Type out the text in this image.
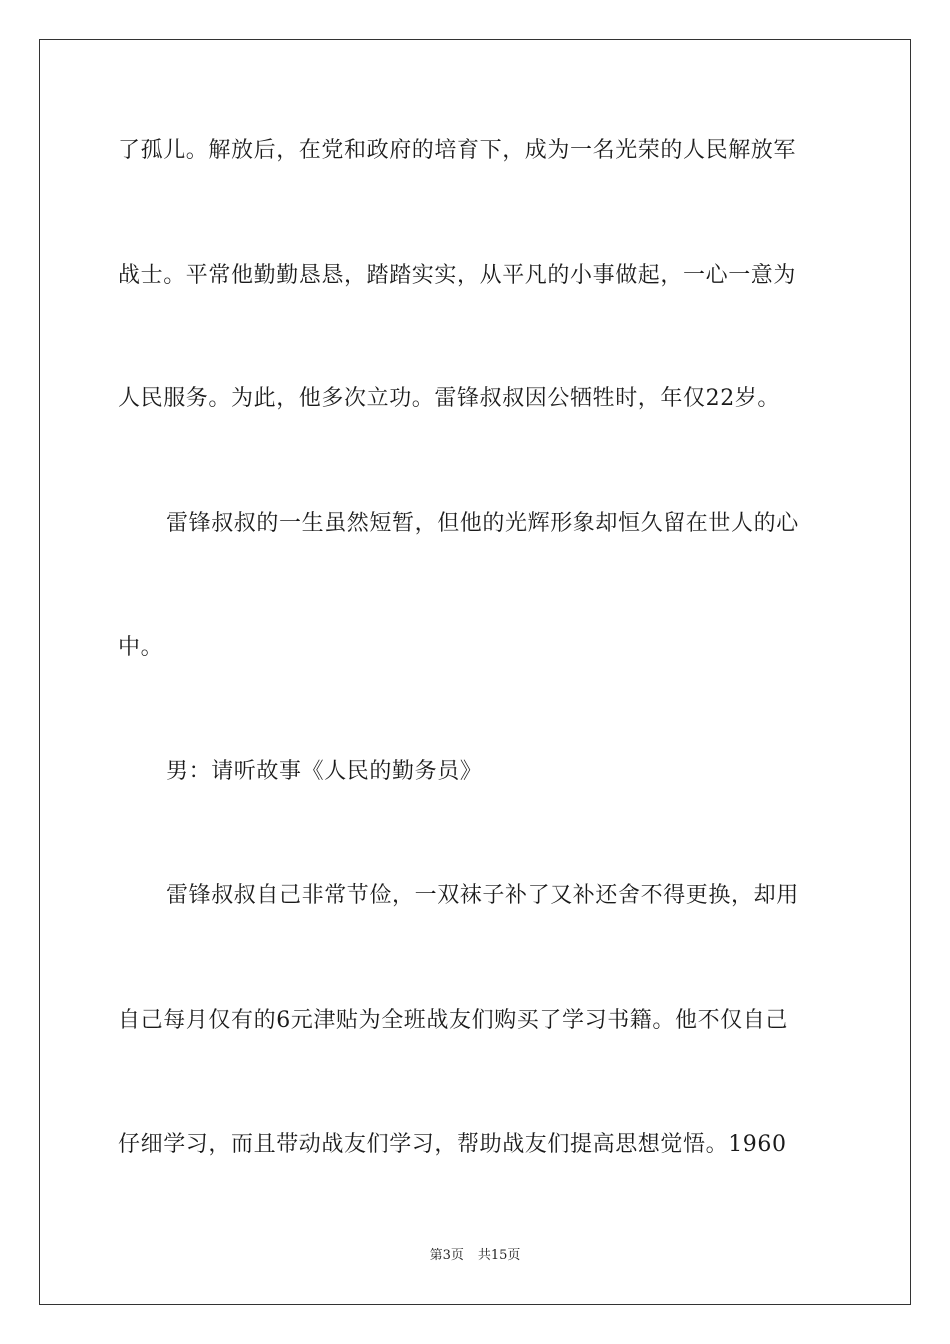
了孤儿。解放后，在党和政府的培育下，成为一名光荣的人民解放军
战士。平常他勤勤恳恳，踏踏实实，从平凡的小事做起，一心一意为
人民服务。为此，他多次立功。雷锋叔叔因公牺牲时，年仅22岁。
雷锋叔叔的一生虽然短暂，但他的光辉形象却恒久留在世人的心
中。
男：请听故事《人民的勤务员》
雷锋叔叔自己非常节俭，一双袜子补了又补还舍不得更换，却用
自己每月仅有的6元津贴为全班战友们购买了学习书籍。他不仅自己
仔细学习，而且带动战友们学习，帮助战友们提高思想觉悟。1960
第3页 共15页
